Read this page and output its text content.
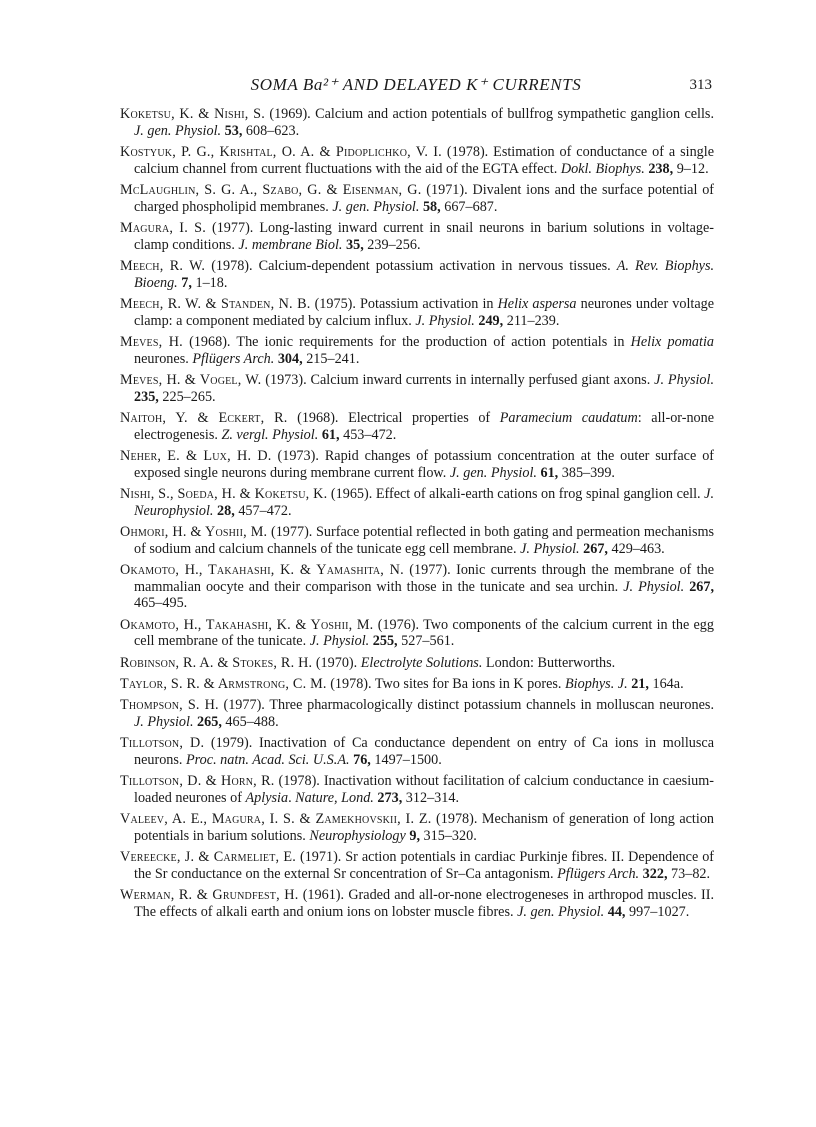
SOMA Ba²⁺ AND DELAYED K⁺ CURRENTS	313
Koketsu, K. & Nishi, S. (1969). Calcium and action potentials of bullfrog sympathetic ganglion cells. J. gen. Physiol. 53, 608–623.
Kostyuk, P. G., Krishtal, O. A. & Pidoplichko, V. I. (1978). Estimation of conductance of a single calcium channel from current fluctuations with the aid of the EGTA effect. Dokl. Biophys. 238, 9–12.
McLaughlin, S. G. A., Szabo, G. & Eisenman, G. (1971). Divalent ions and the surface potential of charged phospholipid membranes. J. gen. Physiol. 58, 667–687.
Magura, I. S. (1977). Long-lasting inward current in snail neurons in barium solutions in voltage-clamp conditions. J. membrane Biol. 35, 239–256.
Meech, R. W. (1978). Calcium-dependent potassium activation in nervous tissues. A. Rev. Biophys. Bioeng. 7, 1–18.
Meech, R. W. & Standen, N. B. (1975). Potassium activation in Helix aspersa neurones under voltage clamp: a component mediated by calcium influx. J. Physiol. 249, 211–239.
Meves, H. (1968). The ionic requirements for the production of action potentials in Helix pomatia neurones. Pflügers Arch. 304, 215–241.
Meves, H. & Vogel, W. (1973). Calcium inward currents in internally perfused giant axons. J. Physiol. 235, 225–265.
Naitoh, Y. & Eckert, R. (1968). Electrical properties of Paramecium caudatum: all-or-none electrogenesis. Z. vergl. Physiol. 61, 453–472.
Neher, E. & Lux, H. D. (1973). Rapid changes of potassium concentration at the outer surface of exposed single neurons during membrane current flow. J. gen. Physiol. 61, 385–399.
Nishi, S., Soeda, H. & Koketsu, K. (1965). Effect of alkali-earth cations on frog spinal ganglion cell. J. Neurophysiol. 28, 457–472.
Ohmori, H. & Yoshii, M. (1977). Surface potential reflected in both gating and permeation mechanisms of sodium and calcium channels of the tunicate egg cell membrane. J. Physiol. 267, 429–463.
Okamoto, H., Takahashi, K. & Yamashita, N. (1977). Ionic currents through the membrane of the mammalian oocyte and their comparison with those in the tunicate and sea urchin. J. Physiol. 267, 465–495.
Okamoto, H., Takahashi, K. & Yoshii, M. (1976). Two components of the calcium current in the egg cell membrane of the tunicate. J. Physiol. 255, 527–561.
Robinson, R. A. & Stokes, R. H. (1970). Electrolyte Solutions. London: Butterworths.
Taylor, S. R. & Armstrong, C. M. (1978). Two sites for Ba ions in K pores. Biophys. J. 21, 164a.
Thompson, S. H. (1977). Three pharmacologically distinct potassium channels in molluscan neurones. J. Physiol. 265, 465–488.
Tillotson, D. (1979). Inactivation of Ca conductance dependent on entry of Ca ions in mollusca neurons. Proc. natn. Acad. Sci. U.S.A. 76, 1497–1500.
Tillotson, D. & Horn, R. (1978). Inactivation without facilitation of calcium conductance in caesium-loaded neurones of Aplysia. Nature, Lond. 273, 312–314.
Valeev, A. E., Magura, I. S. & Zamekhovskii, I. Z. (1978). Mechanism of generation of long action potentials in barium solutions. Neurophysiology 9, 315–320.
Vereecke, J. & Carmeliet, E. (1971). Sr action potentials in cardiac Purkinje fibres. II. Dependence of the Sr conductance on the external Sr concentration of Sr–Ca antagonism. Pflügers Arch. 322, 73–82.
Werman, R. & Grundfest, H. (1961). Graded and all-or-none electrogeneses in arthropod muscles. II. The effects of alkali earth and onium ions on lobster muscle fibres. J. gen. Physiol. 44, 997–1027.
